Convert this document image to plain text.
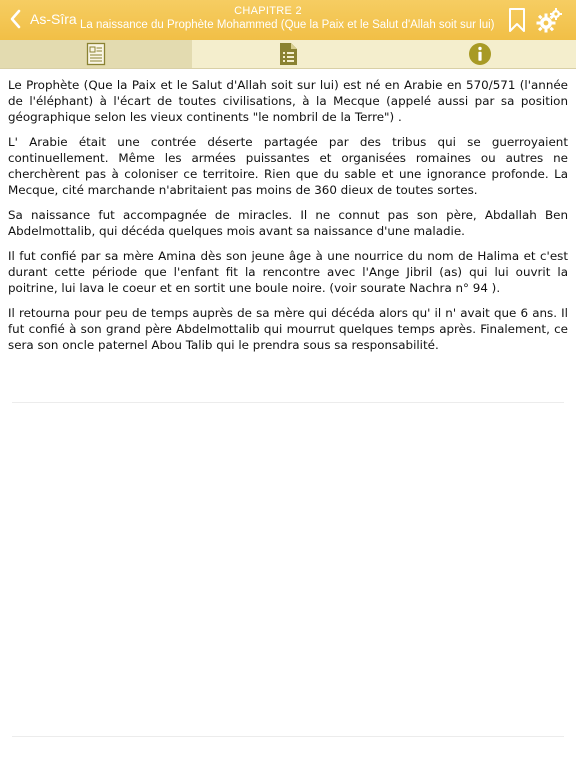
As-Sîra	CHAPITRE 2
La naissance du Prophète Mohammed (Que la Paix et le Salut d'Allah soit sur lui)

Le Prophète (Que la Paix et le Salut d'Allah soit sur lui) est né en Arabie en 570/571 (l'année de l'éléphant) à l'écart de toutes civilisations, à la Mecque (appelé aussi par sa position géographique selon les vieux continents "le nombril de la Terre") .

L' Arabie était une contrée déserte partagée par des tribus qui se guerroyaient continuellement. Même les armées puissantes et organisées romaines ou autres ne cherchèrent pas à coloniser ce territoire. Rien que du sable et une ignorance profonde. La Mecque, cité marchande n'abritaient pas moins de 360 dieux de toutes sortes.

Sa naissance fut accompagnée de miracles. Il ne connut pas son père, Abdallah Ben Abdelmottalib, qui décéda quelques mois avant sa naissance d'une maladie.

Il fut confié par sa mère Amina dès son jeune âge à une nourrice du nom de Halima et c'est durant cette période que l'enfant fit la rencontre avec l'Ange Jibril (as) qui lui ouvrit la poitrine, lui lava le coeur et en sortit une boule noire. (voir sourate Nachra n° 94 ).

Il retourna pour peu de temps auprès de sa mère qui décéda alors qu' il n' avait que 6 ans. Il fut confié à son grand père Abdelmottalib qui mourrut quelques temps après. Finalement, ce sera son oncle paternel Abou Talib qui le prendra sous sa responsabilité.
